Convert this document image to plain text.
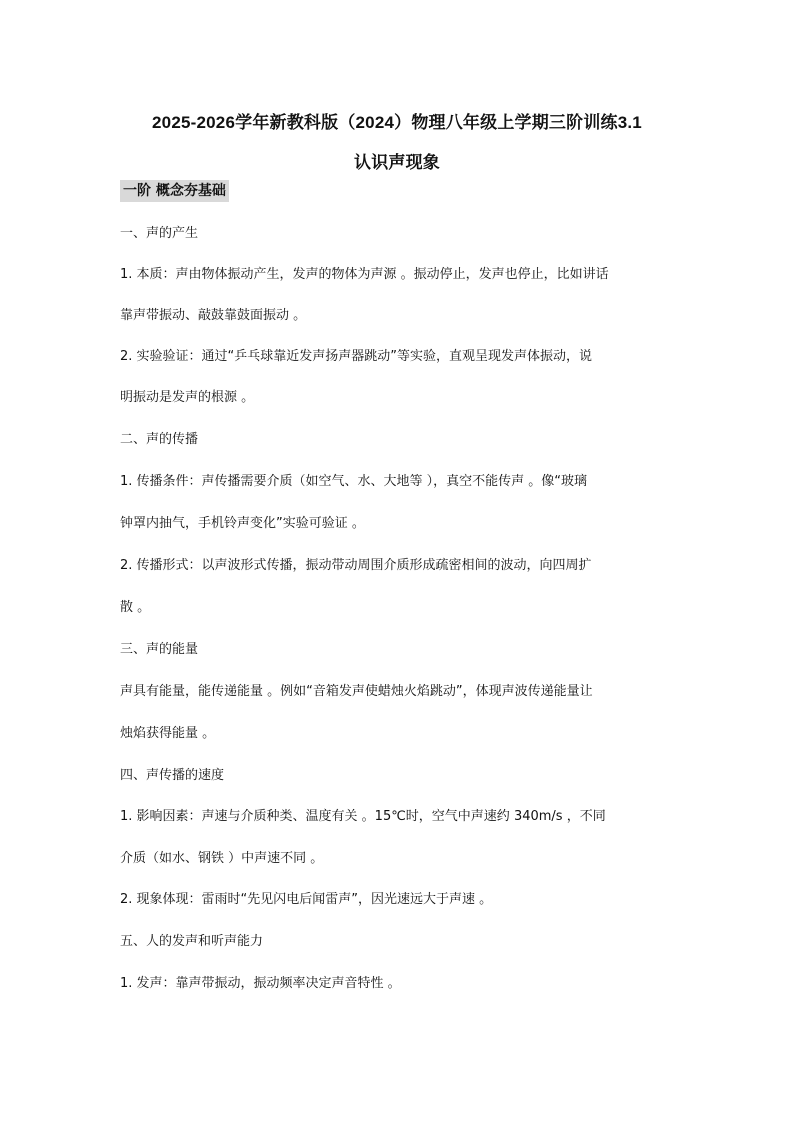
2025-2026学年新教科版（2024）物理八年级上学期三阶训练3.1
认识声现象
一阶 概念夯基础
一、声的产生
1. 本质：声由物体振动产生，发声的物体为声源 。振动停止，发声也停止，比如讲话
靠声带振动、敲鼓靠鼓面振动 。
2. 实验验证：通过“乒乓球靠近发声扬声器跳动”等实验，直观呈现发声体振动，说
明振动是发声的根源 。
二、声的传播
1. 传播条件：声传播需要介质（如空气、水、大地等 ），真空不能传声 。像“玻璃
钟罩内抽气，手机铃声变化”实验可验证 。
2. 传播形式：以声波形式传播，振动带动周围介质形成疏密相间的波动，向四周扩
散 。
三、声的能量
声具有能量，能传递能量 。例如“音箱发声使蜡烛火焰跳动”，体现声波传递能量让
烛焰获得能量 。
四、声传播的速度
1. 影响因素：声速与介质种类、温度有关 。15℃时，空气中声速约 340m/s ，不同
介质（如水、钢铁 ）中声速不同 。
2. 现象体现：雷雨时“先见闪电后闻雷声”，因光速远大于声速 。
五、人的发声和听声能力
1. 发声：靠声带振动，振动频率决定声音特性 。
